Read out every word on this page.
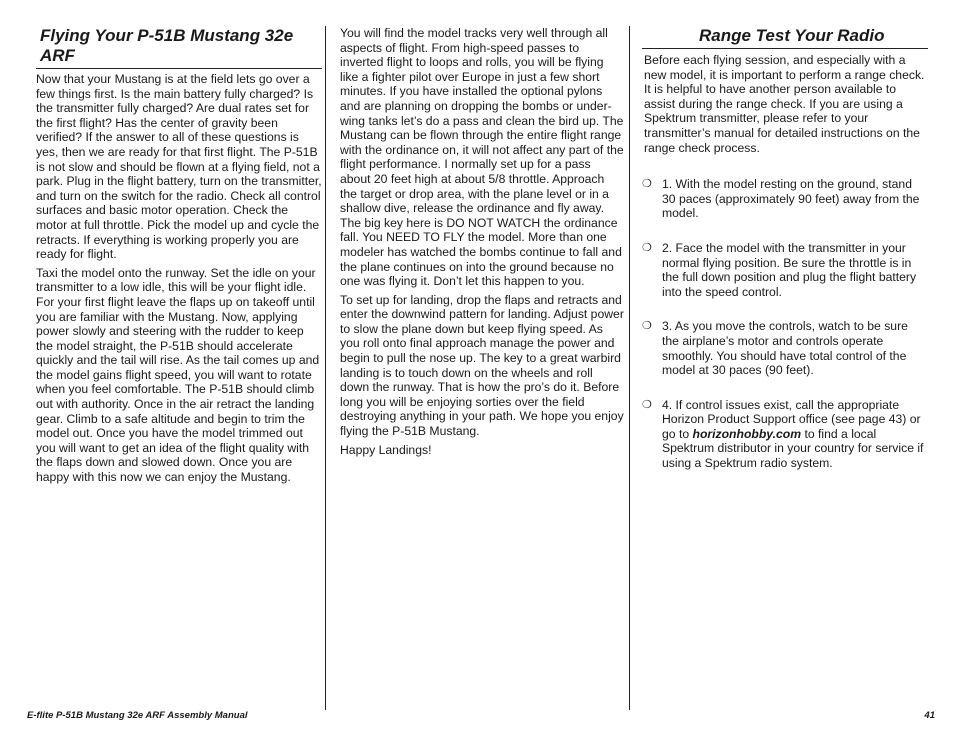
Flying Your P-51B Mustang 32e ARF

Now that your Mustang is at the field lets go over a few things first. Is the main battery fully charged? Is the transmitter fully charged? Are dual rates set for the first flight? Has the center of gravity been verified? If the answer to all of these questions is yes, then we are ready for that first flight. The P-51B is not slow and should be flown at a flying field, not a park. Plug in the flight battery, turn on the transmitter, and turn on the switch for the radio. Check all control surfaces and basic motor operation. Check the motor at full throttle. Pick the model up and cycle the retracts. If everything is working properly you are ready for flight.

Taxi the model onto the runway. Set the idle on your transmitter to a low idle, this will be your flight idle. For your first flight leave the flaps up on takeoff until you are familiar with the Mustang. Now, applying power slowly and steering with the rudder to keep the model straight, the P-51B should accelerate quickly and the tail will rise. As the tail comes up and the model gains flight speed, you will want to rotate when you feel comfortable. The P-51B should climb out with authority. Once in the air retract the landing gear. Climb to a safe altitude and begin to trim the model out. Once you have the model trimmed out you will want to get an idea of the flight quality with the flaps down and slowed down. Once you are happy with this now we can enjoy the Mustang.

You will find the model tracks very well through all aspects of flight. From high-speed passes to inverted flight to loops and rolls, you will be flying like a fighter pilot over Europe in just a few short minutes. If you have installed the optional pylons and are planning on dropping the bombs or under-wing tanks let’s do a pass and clean the bird up. The Mustang can be flown through the entire flight range with the ordinance on, it will not affect any part of the flight performance. I normally set up for a pass about 20 feet high at about 5/8 throttle. Approach the target or drop area, with the plane level or in a shallow dive, release the ordinance and fly away. The big key here is DO NOT WATCH the ordinance fall. You NEED TO FLY the model. More than one modeler has watched the bombs continue to fall and the plane continues on into the ground because no one was flying it. Don’t let this happen to you.

To set up for landing, drop the flaps and retracts and enter the downwind pattern for landing. Adjust power to slow the plane down but keep flying speed. As you roll onto final approach manage the power and begin to pull the nose up. The key to a great warbird landing is to touch down on the wheels and roll down the runway. That is how the pro’s do it. Before long you will be enjoying sorties over the field destroying anything in your path. We hope you enjoy flying the P-51B Mustang.

Happy Landings!

Range Test Your Radio

Before each flying session, and especially with a new model, it is important to perform a range check. It is helpful to have another person available to assist during the range check. If you are using a Spektrum transmitter, please refer to your transmitter’s manual for detailed instructions on the range check process.

❍ 1. With the model resting on the ground, stand 30 paces (approximately 90 feet) away from the model.

❍ 2. Face the model with the transmitter in your normal flying position. Be sure the throttle is in the full down position and plug the flight battery into the speed control.

❍ 3. As you move the controls, watch to be sure the airplane’s motor and controls operate smoothly. You should have total control of the model at 30 paces (90 feet).

❍ 4. If control issues exist, call the appropriate Horizon Product Support office (see page 43) or go to horizonhobby.com to find a local Spektrum distributor in your country for service if using a Spektrum radio system.

E-flite P-51B Mustang 32e ARF Assembly Manual	41
